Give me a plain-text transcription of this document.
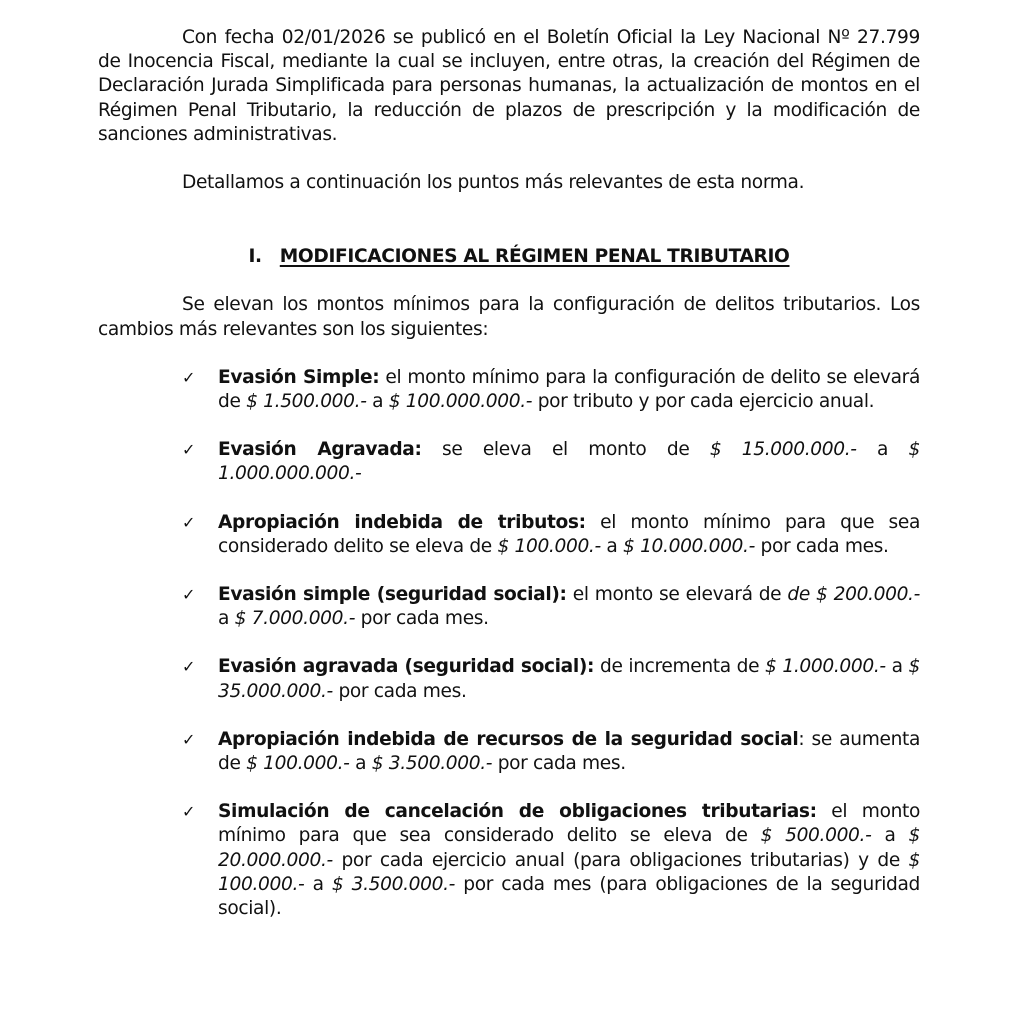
Con fecha 02/01/2026 se publicó en el Boletín Oficial la Ley Nacional Nº 27.799 de Inocencia Fiscal, mediante la cual se incluyen, entre otras, la creación del Régimen de Declaración Jurada Simplificada para personas humanas, la actualización de montos en el Régimen Penal Tributario, la reducción de plazos de prescripción y la modificación de sanciones administrativas.

Detallamos a continuación los puntos más relevantes de esta norma.

I. MODIFICACIONES AL RÉGIMEN PENAL TRIBUTARIO

Se elevan los montos mínimos para la configuración de delitos tributarios. Los cambios más relevantes son los siguientes:

✓ Evasión Simple: el monto mínimo para la configuración de delito se elevará de $ 1.500.000.- a $ 100.000.000.- por tributo y por cada ejercicio anual.
✓ Evasión Agravada: se eleva el monto de $ 15.000.000.- a $ 1.000.000.000.-
✓ Apropiación indebida de tributos: el monto mínimo para que sea considerado delito se eleva de $ 100.000.- a $ 10.000.000.- por cada mes.
✓ Evasión simple (seguridad social): el monto se elevará de de $ 200.000.- a $ 7.000.000.- por cada mes.
✓ Evasión agravada (seguridad social): de incrementa de $ 1.000.000.- a $ 35.000.000.- por cada mes.
✓ Apropiación indebida de recursos de la seguridad social: se aumenta de $ 100.000.- a $ 3.500.000.- por cada mes.
✓ Simulación de cancelación de obligaciones tributarias: el monto mínimo para que sea considerado delito se eleva de $ 500.000.- a $ 20.000.000.- por cada ejercicio anual (para obligaciones tributarias) y de $ 100.000.- a $ 3.500.000.- por cada mes (para obligaciones de la seguridad social).
